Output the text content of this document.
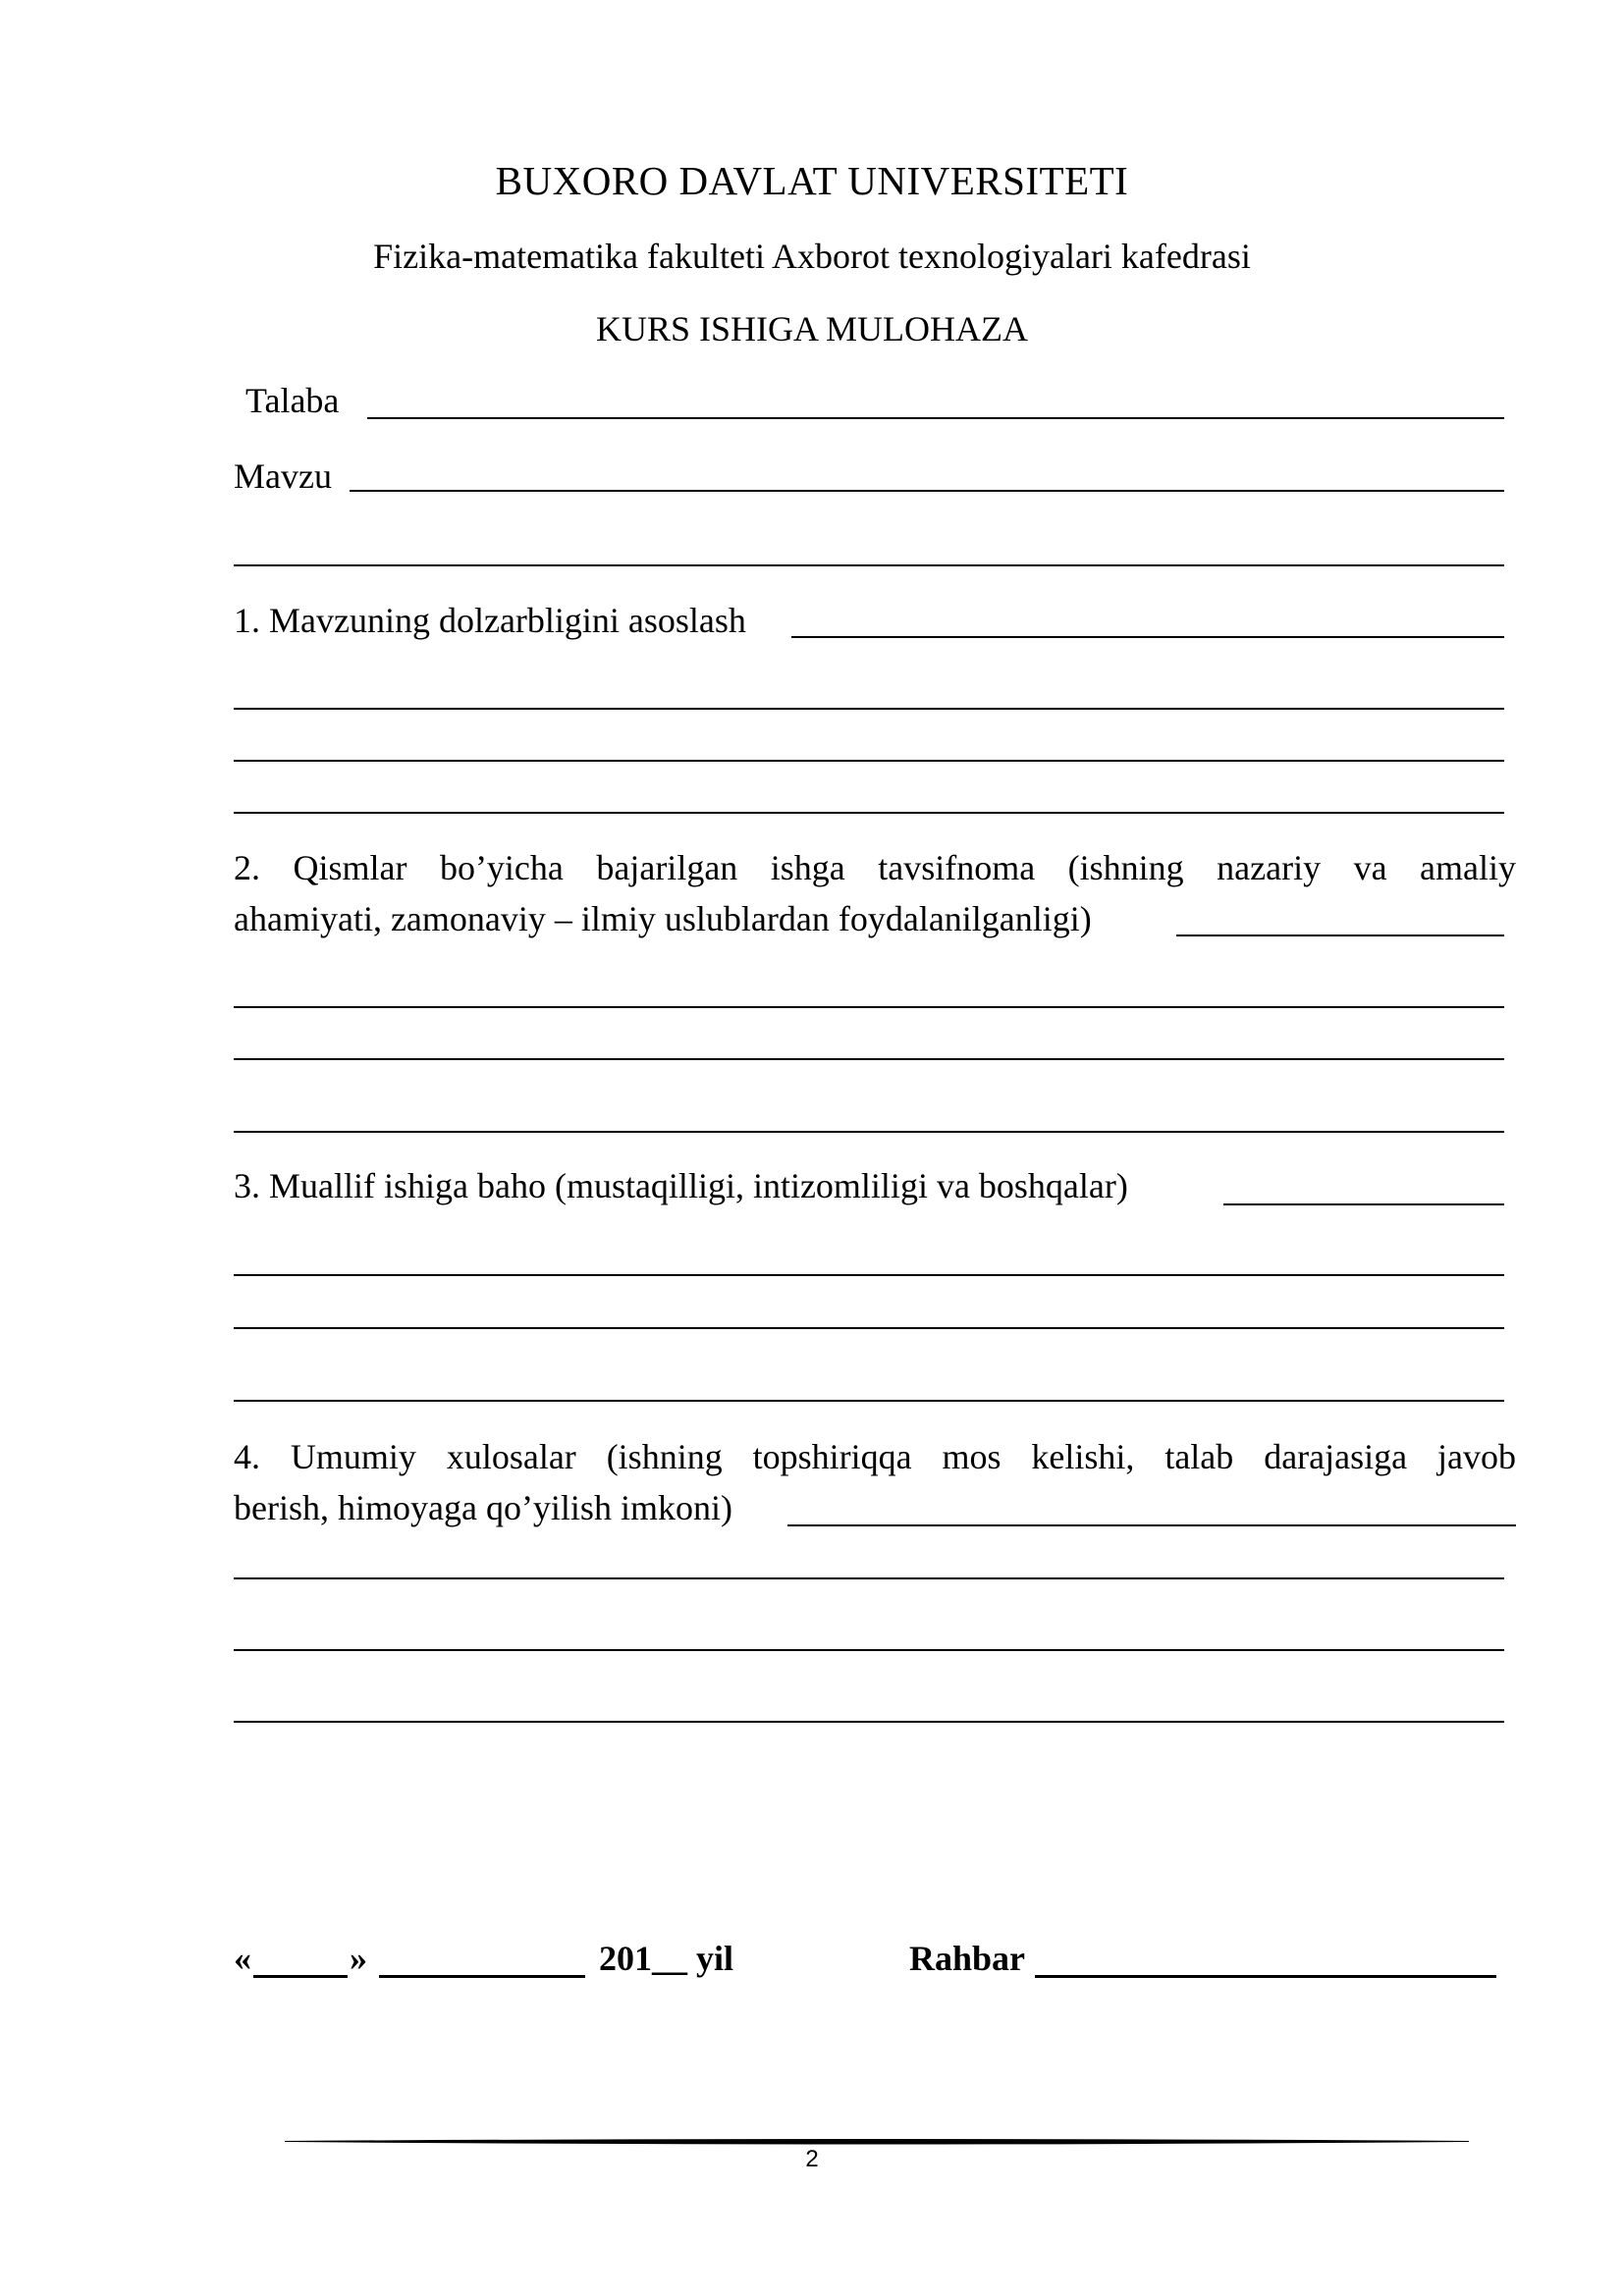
BUXORO DAVLAT UNIVERSITETI
Fizika-matematika fakulteti Axborot texnologiyalari kafedrasi
KURS ISHIGA MULOHAZA
Talaba
Mavzu
1. Mavzuning dolzarbligini asoslash
2. Qismlar bo’yicha bajarilgan ishga tavsifnoma (ishning nazariy va amaliy
ahamiyati, zamonaviy – ilmiy uslublardan foydalanilganligi)
3. Muallif ishiga baho (mustaqilligi, intizomliligi va boshqalar)
4. Umumiy xulosalar (ishning topshiriqqa mos kelishi, talab darajasiga javob
berish, himoyaga qo’yilish imkoni)
«	»	201__ yil	Rahbar
2
